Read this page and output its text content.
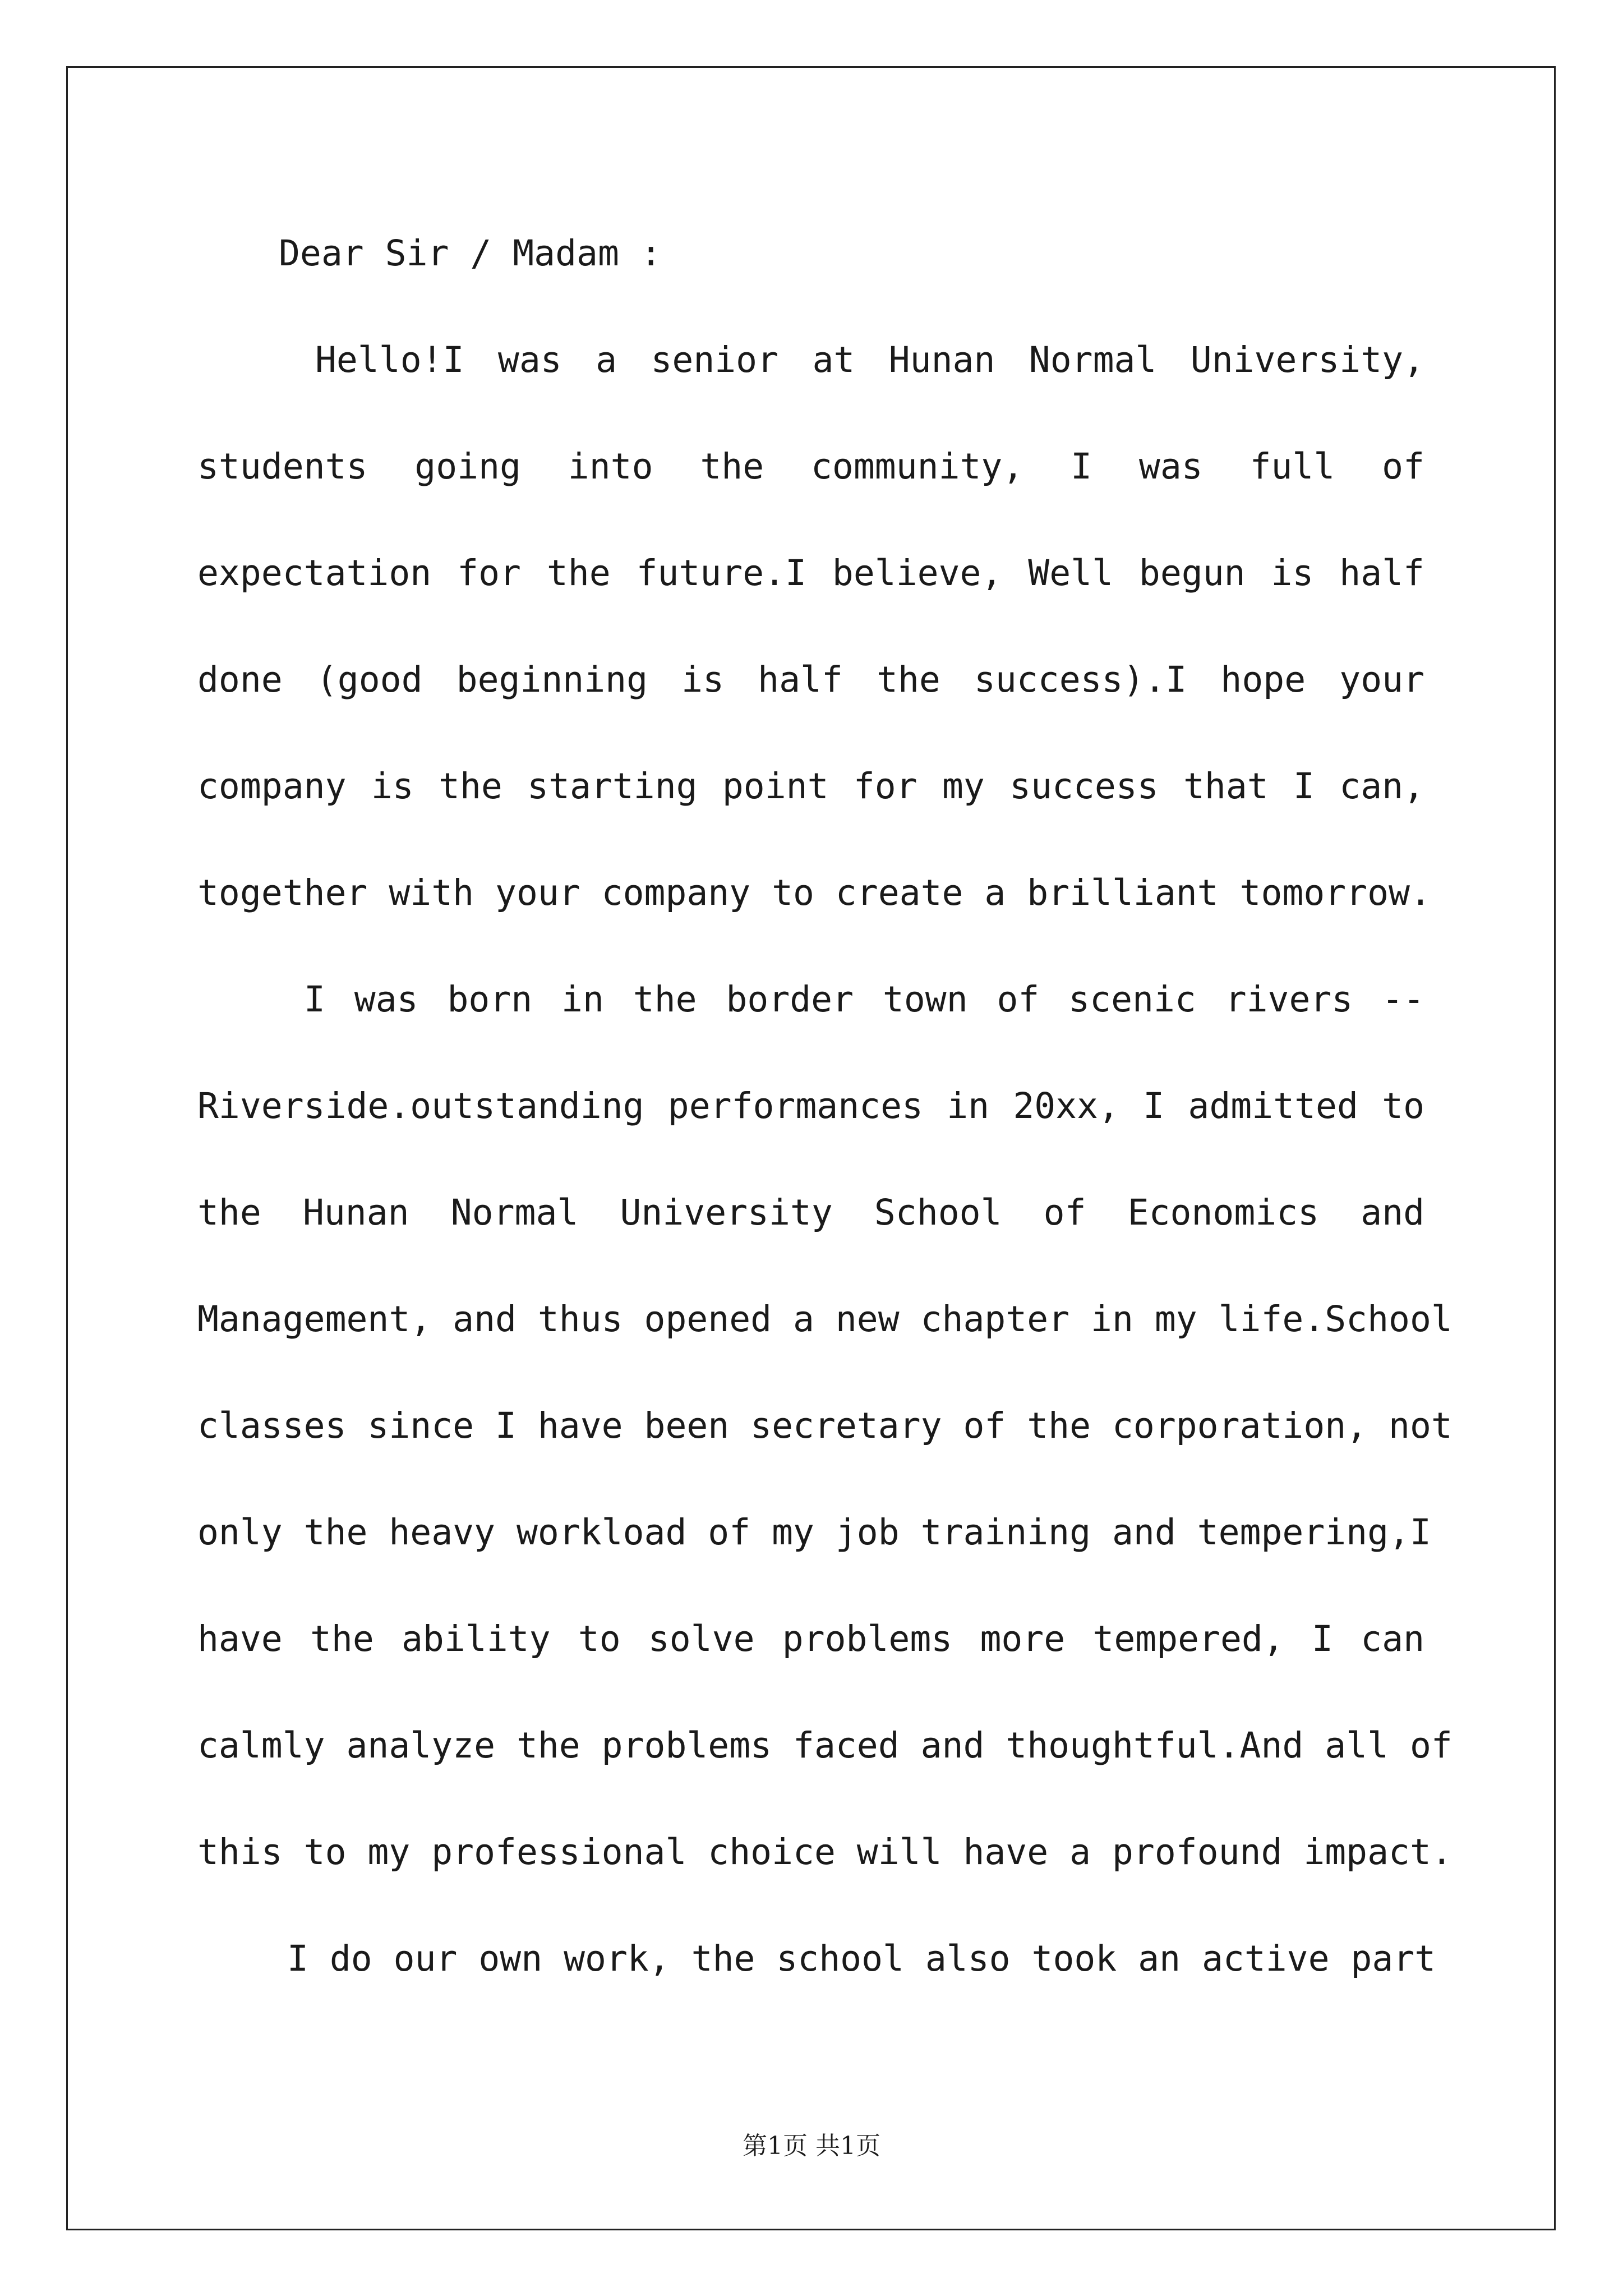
Dear Sir / Madam :
Hello!I was a senior at Hunan Normal University,
students going into the community, I was full of
expectation for the future.I believe, Well begun is half
done (good beginning is half the success).I hope your
company is the starting point for my success that I can,
together with your company to create a brilliant tomorrow.
I was born in the border town of scenic rivers --
Riverside.outstanding performances in 20xx, I admitted to
the Hunan Normal University School of Economics and
Management, and thus opened a new chapter in my life.School
classes since I have been secretary of the corporation, not
only the heavy workload of my job training and tempering,I
have the ability to solve problems more tempered, I can
calmly analyze the problems faced and thoughtful.And all of
this to my professional choice will have a profound impact.
I do our own work, the school also took an active part
第1页 共1页
